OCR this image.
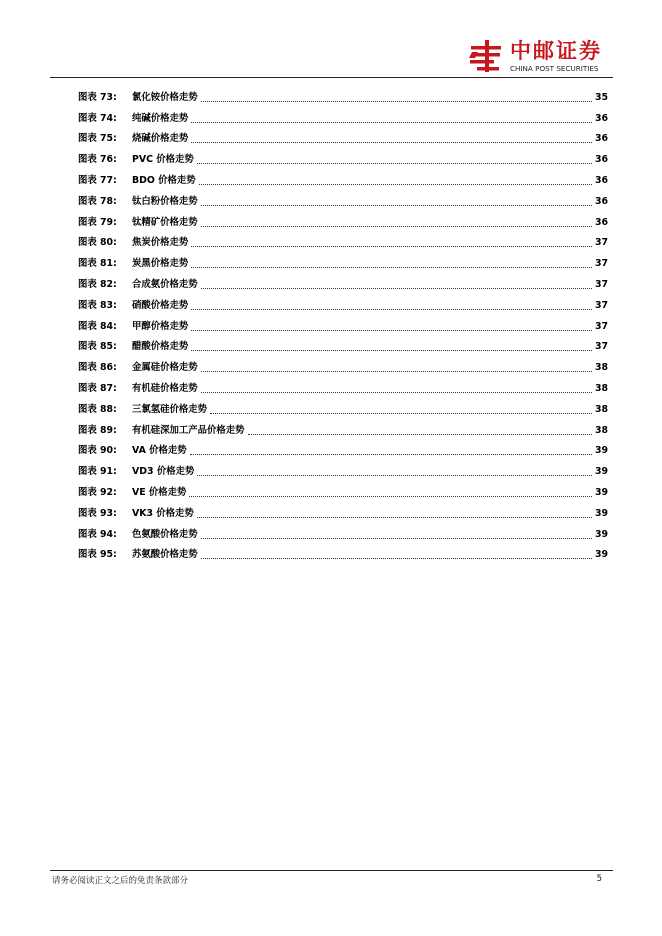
中邮证券
CHINA POST SECURITIES
图表 73:	氯化铵价格走势	35
图表 74:	纯碱价格走势	36
图表 75:	烧碱价格走势	36
图表 76:	PVC 价格走势	36
图表 77:	BDO 价格走势	36
图表 78:	钛白粉价格走势	36
图表 79:	钛精矿价格走势	36
图表 80:	焦炭价格走势	37
图表 81:	炭黑价格走势	37
图表 82:	合成氨价格走势	37
图表 83:	硝酸价格走势	37
图表 84:	甲醇价格走势	37
图表 85:	醋酸价格走势	37
图表 86:	金属硅价格走势	38
图表 87:	有机硅价格走势	38
图表 88:	三氯氢硅价格走势	38
图表 89:	有机硅深加工产品价格走势	38
图表 90:	VA 价格走势	39
图表 91:	VD3 价格走势	39
图表 92:	VE 价格走势	39
图表 93:	VK3 价格走势	39
图表 94:	色氨酸价格走势	39
图表 95:	苏氨酸价格走势	39
请务必阅读正文之后的免责条款部分	5
